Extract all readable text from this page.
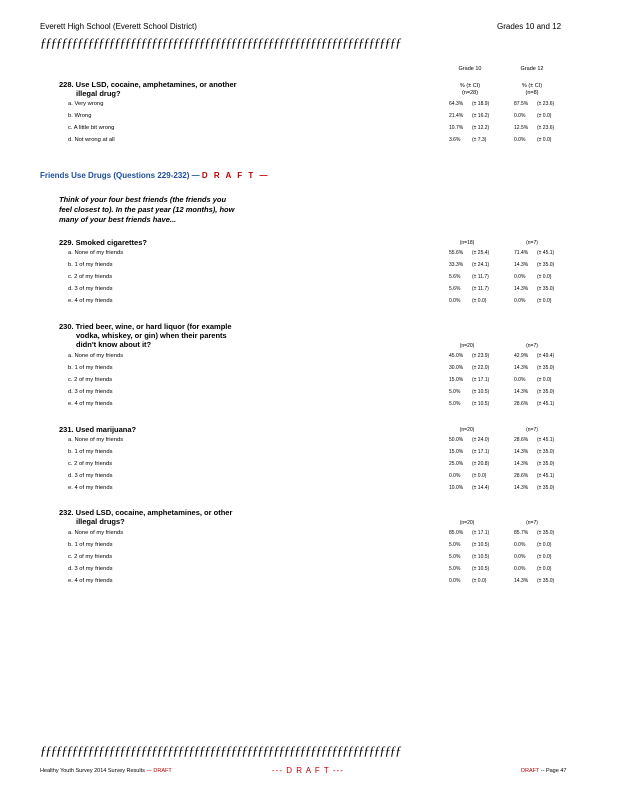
Everett High School (Everett School District)	Grades 10 and 12
ƒƒƒƒƒƒƒƒƒƒƒƒƒƒƒƒƒƒƒƒƒƒƒƒƒƒƒƒƒƒƒƒƒƒƒƒƒƒƒƒƒƒƒƒƒƒƒƒƒƒƒƒƒƒƒƒƒƒƒƒƒƒƒƒƒƒƒƒ
Grade 10	Grade 12
228. Use LSD, cocaine, amphetamines, or another
illegal drug?
% (± CI)	% (± CI)
(n=28)	(n=8)
a. Very wrong	64.3% (± 18.9)	87.5% (± 23.6)
b. Wrong	21.4% (± 16.2)	0.0% (± 0.0)
c. A little bit wrong	10.7% (± 12.2)	12.5% (± 23.6)
d. Not wrong at all	3.6% (± 7.3)	0.0% (± 0.0)
Friends Use Drugs (Questions 229-232) — D R A F T —
Think of your four best friends (the friends you
feel closest to). In the past year (12 months), how
many of your best friends have...
229. Smoked cigarettes?	(n=18)	(n=7)
a. None of my friends	55.6% (± 25.4)	71.4% (± 45.1)
b. 1 of my friends	33.3% (± 24.1)	14.3% (± 35.0)
c. 2 of my friends	5.6% (± 11.7)	0.0% (± 0.0)
d. 3 of my friends	5.6% (± 11.7)	14.3% (± 35.0)
e. 4 of my friends	0.0% (± 0.0)	0.0% (± 0.0)
230. Tried beer, wine, or hard liquor (for example
vodka, whiskey, or gin) when their parents
didn't know about it?	(n=20)	(n=7)
a. None of my friends	45.0% (± 23.9)	42.9% (± 49.4)
b. 1 of my friends	30.0% (± 22.0)	14.3% (± 35.0)
c. 2 of my friends	15.0% (± 17.1)	0.0% (± 0.0)
d. 3 of my friends	5.0% (± 10.5)	14.3% (± 35.0)
e. 4 of my friends	5.0% (± 10.5)	28.6% (± 45.1)
231. Used marijuana?	(n=20)	(n=7)
a. None of my friends	50.0% (± 24.0)	28.6% (± 45.1)
b. 1 of my friends	15.0% (± 17.1)	14.3% (± 35.0)
c. 2 of my friends	25.0% (± 20.8)	14.3% (± 35.0)
d. 3 of my friends	0.0% (± 0.0)	28.6% (± 45.1)
e. 4 of my friends	10.0% (± 14.4)	14.3% (± 35.0)
232. Used LSD, cocaine, amphetamines, or other
illegal drugs?	(n=20)	(n=7)
a. None of my friends	85.0% (± 17.1)	85.7% (± 35.0)
b. 1 of my friends	5.0% (± 10.5)	0.0% (± 0.0)
c. 2 of my friends	5.0% (± 10.5)	0.0% (± 0.0)
d. 3 of my friends	5.0% (± 10.5)	0.0% (± 0.0)
e. 4 of my friends	0.0% (± 0.0)	14.3% (± 35.0)
ƒƒƒƒƒƒƒƒƒƒƒƒƒƒƒƒƒƒƒƒƒƒƒƒƒƒƒƒƒƒƒƒƒƒƒƒƒƒƒƒƒƒƒƒƒƒƒƒƒƒƒƒƒƒƒƒƒƒƒƒƒƒƒƒƒƒƒƒ
Healthy Youth Survey 2014 Survey Results — DRAFT	--- D R A F T ---	DRAFT -- Page 47
